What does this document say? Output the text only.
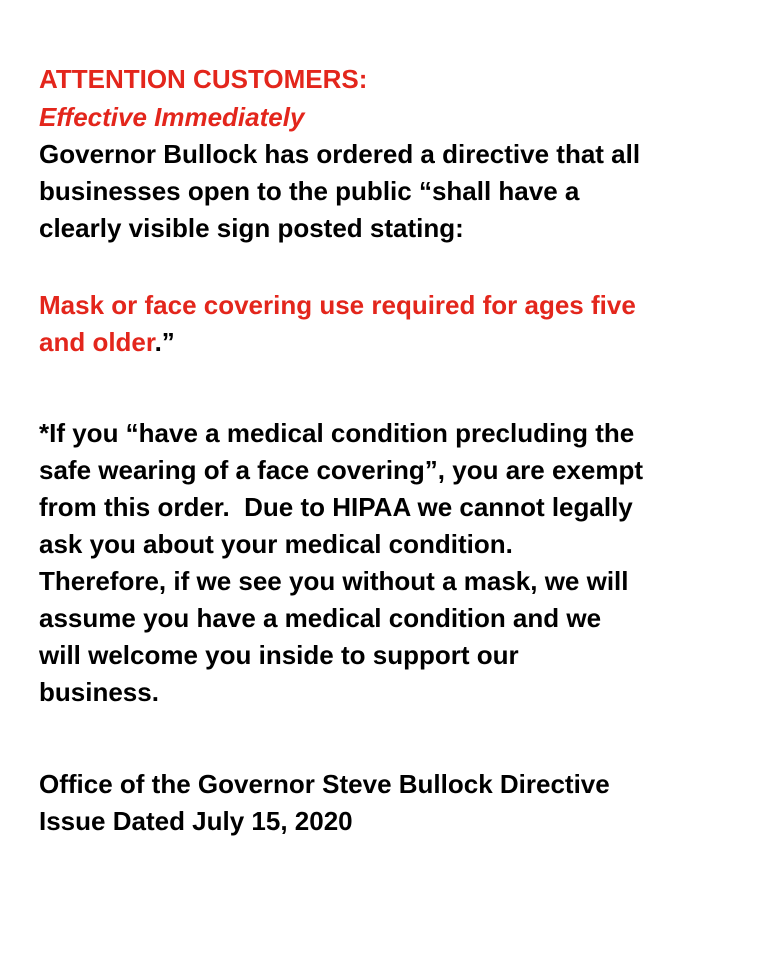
ATTENTION CUSTOMERS:

Effective Immediately

Governor Bullock has ordered a directive that all

businesses open to the public “shall have a

clearly visible sign posted stating:

Mask or face covering use required for ages five

and older.”

*If you “have a medical condition precluding the

safe wearing of a face covering”, you are exempt

from this order.  Due to HIPAA we cannot legally

ask you about your medical condition.

Therefore, if we see you without a mask, we will

assume you have a medical condition and we

will welcome you inside to support our

business.

Office of the Governor Steve Bullock Directive

Issue Dated July 15, 2020
